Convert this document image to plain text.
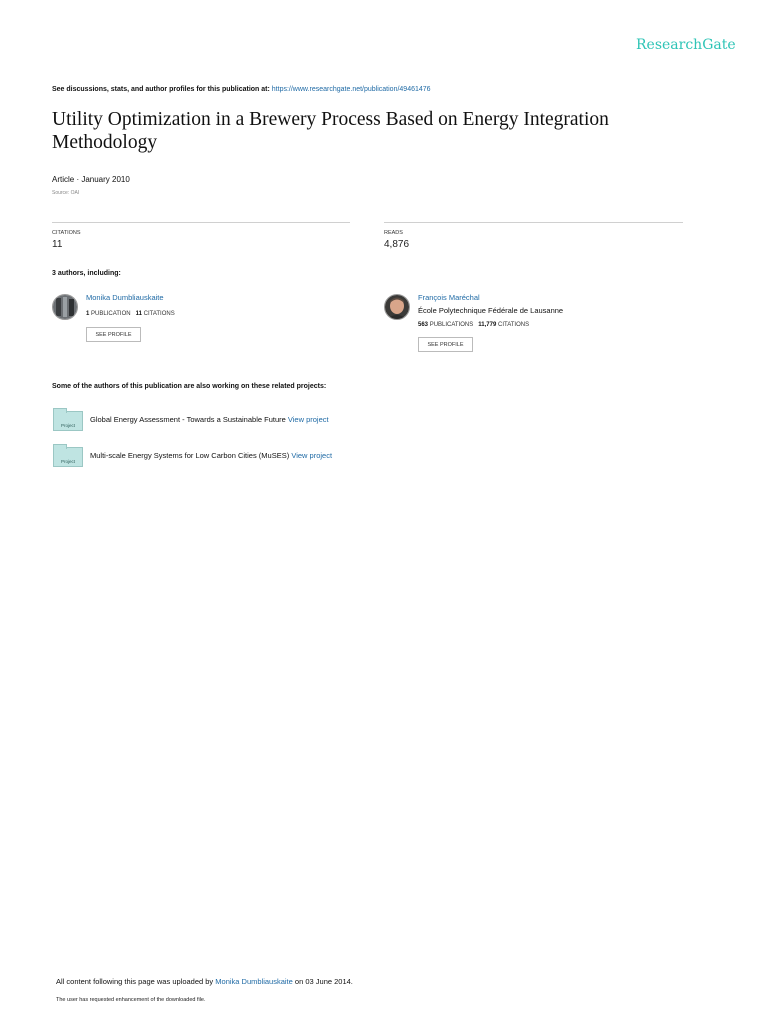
ResearchGate
See discussions, stats, and author profiles for this publication at: https://www.researchgate.net/publication/49461476
Utility Optimization in a Brewery Process Based on Energy Integration Methodology
Article · January 2010
Source: OAI
CITATIONS
11
READS
4,876
3 authors, including:
Monika Dumbliauskaite
1 PUBLICATION 11 CITATIONS
SEE PROFILE
François Maréchal
École Polytechnique Fédérale de Lausanne
563 PUBLICATIONS 11,779 CITATIONS
SEE PROFILE
Some of the authors of this publication are also working on these related projects:
Project
Global Energy Assessment - Towards a Sustainable Future View project
Project
Multi-scale Energy Systems for Low Carbon Cities (MuSES) View project
All content following this page was uploaded by Monika Dumbliauskaite on 03 June 2014.
The user has requested enhancement of the downloaded file.
